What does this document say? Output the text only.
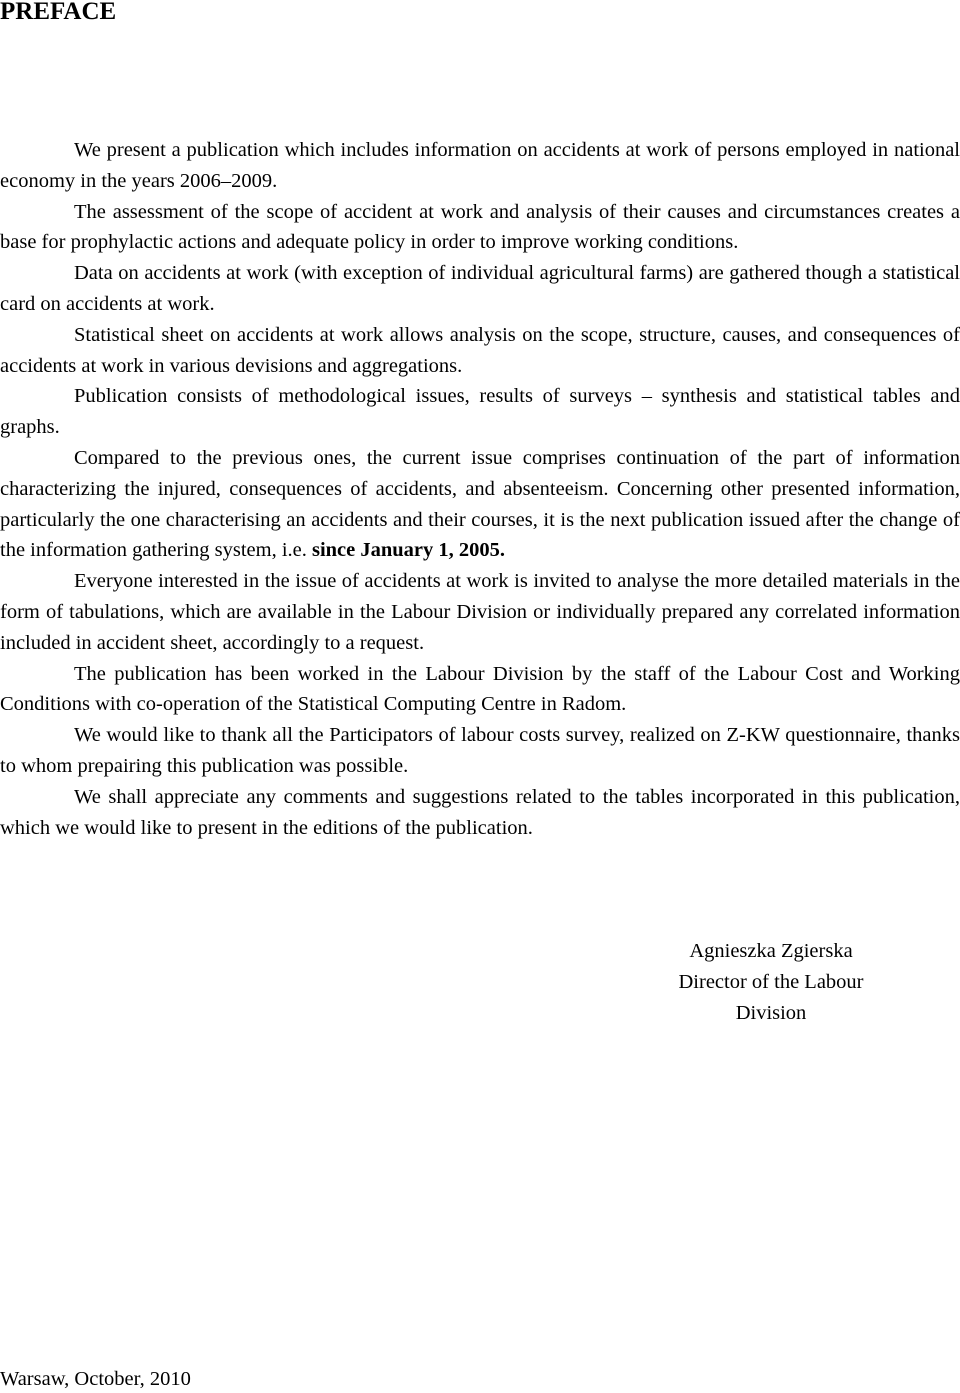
PREFACE

We present a publication which includes information on accidents at work of persons employed in national economy in the years 2006–2009.

The assessment of the scope of accident at work and analysis of their causes and circumstances creates a base for prophylactic actions and adequate policy in order to improve working conditions.

Data on accidents at work (with exception of individual agricultural farms) are gathered though a statistical card on accidents at work.

Statistical sheet on accidents at work allows analysis on the scope, structure, causes, and consequences of accidents at work in various devisions and aggregations.

Publication consists of methodological issues, results of surveys – synthesis and statistical tables and graphs.

Compared to the previous ones, the current issue comprises continuation of the part of information characterizing the injured, consequences of accidents, and absenteeism. Concerning other presented information, particularly the one characterising an accidents and their courses, it is the next publication issued after the change of the information gathering system, i.e. since January 1, 2005.

Everyone interested in the issue of accidents at work is invited to analyse the more detailed materials in the form of tabulations, which are available in the Labour Division or individually prepared any correlated information included in accident sheet, accordingly to a request.

The publication has been worked in the Labour Division by the staff of the Labour Cost and Working Conditions with co-operation of the Statistical Computing Centre in Radom.

We would like to thank all the Participators of labour costs survey, realized on Z-KW questionnaire, thanks to whom prepairing this publication was possible.

We shall appreciate any comments and suggestions related to the tables incorporated in this publication, which we would like to present in the editions of the publication.

Agnieszka Zgierska
Director of the Labour
Division
Warsaw, October, 2010
